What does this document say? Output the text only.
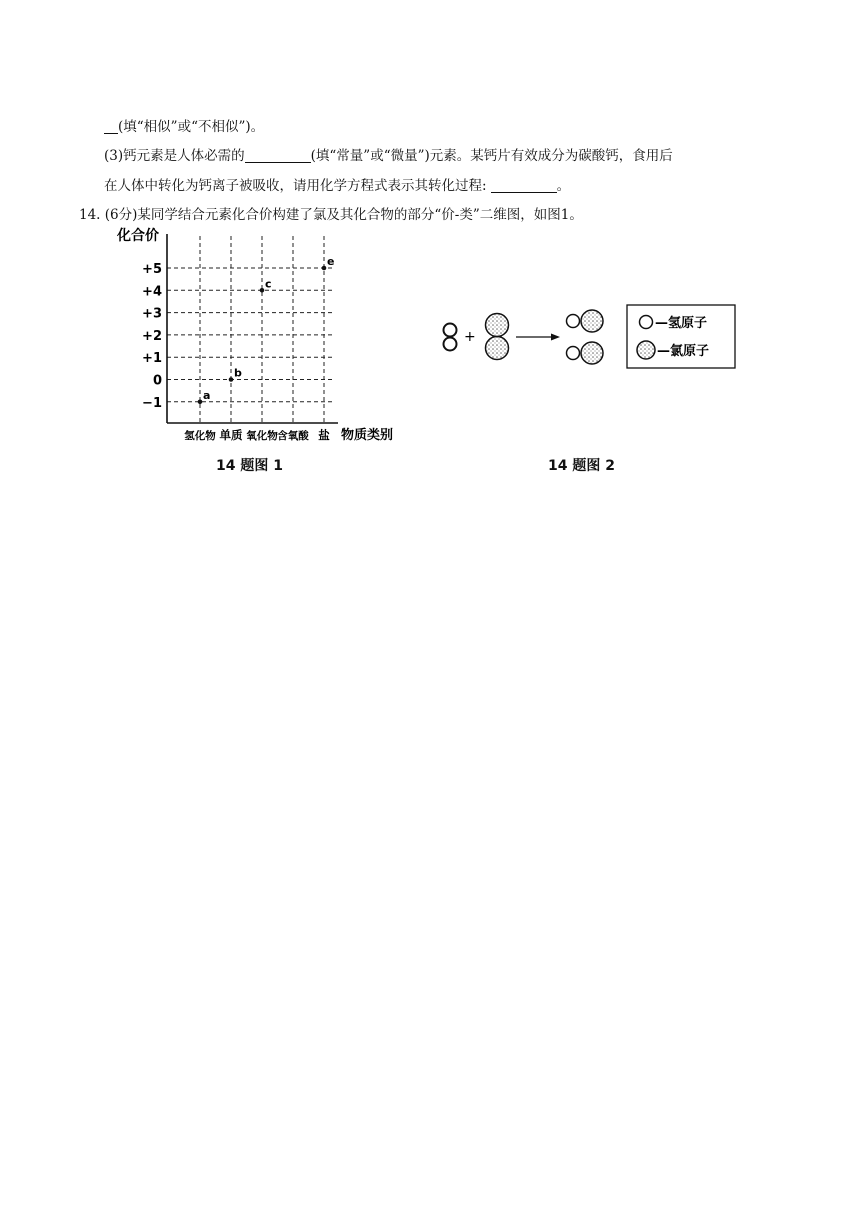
(填“相似”或“不相似”)。
(3)钙元素是人体必需的	(填“常量”或“微量”)元素。某钙片有效成分为碳酸钙，食用后
在人体中转化为钙离子被吸收，请用化学方程式表示其转化过程:	。
14. (6分)某同学结合元素化合价构建了氯及其化合物的部分“价-类”二维图，如图1。
化合价
+5
+4
+3
+2
+1
0
−1
氢化物 单质 氧化物 含氧酸 盐
a
b
c
e
物质类别
14 题图 1
+
—氢原子
—氯原子
14 题图 2
